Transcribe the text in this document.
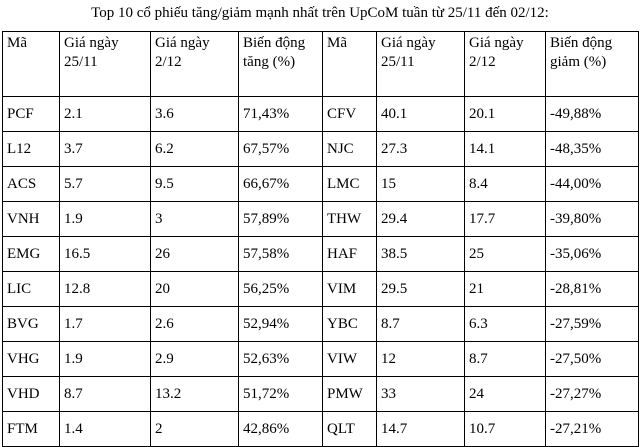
Top 10 cổ phiếu tăng/giảm mạnh nhất trên UpCoM tuần từ 25/11 đến 02/12:
Mã	Giá ngày 25/11	Giá ngày 2/12	Biến động tăng (%)	Mã	Giá ngày 25/11	Giá ngày 2/12	Biến động giảm (%)
PCF	2.1	3.6	71,43%	CFV	40.1	20.1	-49,88%
L12	3.7	6.2	67,57%	NJC	27.3	14.1	-48,35%
ACS	5.7	9.5	66,67%	LMC	15	8.4	-44,00%
VNH	1.9	3	57,89%	THW	29.4	17.7	-39,80%
EMG	16.5	26	57,58%	HAF	38.5	25	-35,06%
LIC	12.8	20	56,25%	VIM	29.5	21	-28,81%
BVG	1.7	2.6	52,94%	YBC	8.7	6.3	-27,59%
VHG	1.9	2.9	52,63%	VIW	12	8.7	-27,50%
VHD	8.7	13.2	51,72%	PMW	33	24	-27,27%
FTM	1.4	2	42,86%	QLT	14.7	10.7	-27,21%
